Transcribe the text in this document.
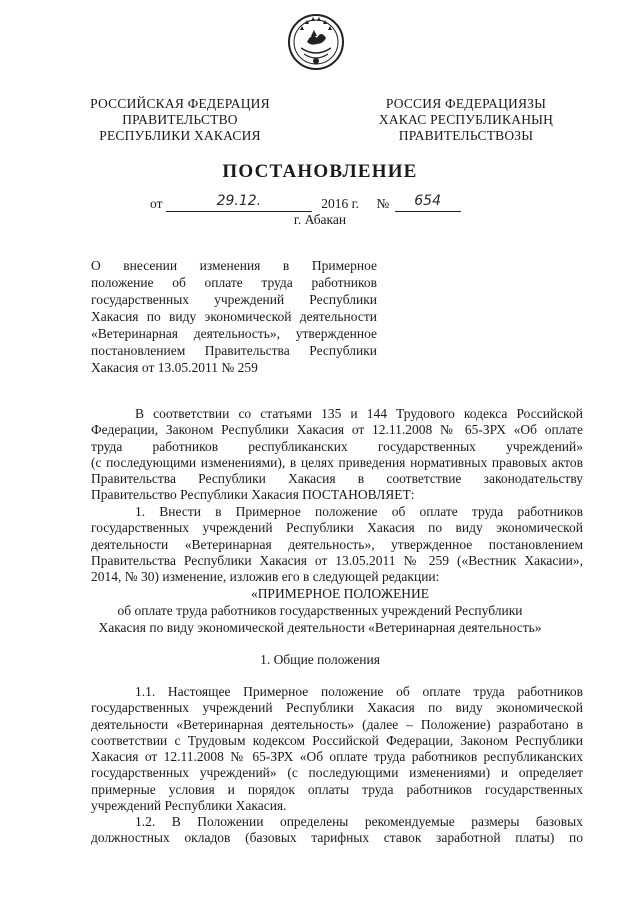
РОССИЙСКАЯ ФЕДЕРАЦИЯ
ПРАВИТЕЛЬСТВО
РЕСПУБЛИКИ ХАКАСИЯ
РОССИЯ ФЕДЕРАЦИЯЗЫ
ХАКАС РЕСПУБЛИКАНЫҢ
ПРАВИТЕЛЬСТВОЗЫ
ПОСТАНОВЛЕНИЕ
от	29.12.	2016 г. № 654
г. Абакан
О внесении изменения в Примерное
положение об оплате труда работников
государственных учреждений Республики
Хакасия по виду экономической деятельности
«Ветеринарная деятельность», утвержденное
постановлением Правительства Республики
Хакасия от 13.05.2011 № 259
В соответствии со статьями 135 и 144 Трудового кодекса Российской
Федерации, Законом Республики Хакасия от 12.11.2008 № 65-ЗРХ «Об оплате
труда работников республиканских государственных учреждений»
(с последующими изменениями), в целях приведения нормативных правовых актов
Правительства Республики Хакасия в соответствие законодательству
Правительство Республики Хакасия ПОСТАНОВЛЯЕТ:
1. Внести в Примерное положение об оплате труда работников
государственных учреждений Республики Хакасия по виду экономической
деятельности «Ветеринарная деятельность», утвержденное постановлением
Правительства Республики Хакасия от 13.05.2011 № 259 («Вестник Хакасии»,
2014, № 30) изменение, изложив его в следующей редакции:
«ПРИМЕРНОЕ ПОЛОЖЕНИЕ
об оплате труда работников государственных учреждений Республики
Хакасия по виду экономической деятельности «Ветеринарная деятельность»
1. Общие положения
1.1. Настоящее Примерное положение об оплате труда работников
государственных учреждений Республики Хакасия по виду экономической
деятельности «Ветеринарная деятельность» (далее – Положение) разработано в
соответствии с Трудовым кодексом Российской Федерации, Законом Республики
Хакасия от 12.11.2008 № 65-ЗРХ «Об оплате труда работников республиканских
государственных учреждений» (с последующими изменениями) и определяет
примерные условия и порядок оплаты труда работников государственных
учреждений Республики Хакасия.
1.2. В Положении определены рекомендуемые размеры базовых
должностных окладов (базовых тарифных ставок заработной платы) по
